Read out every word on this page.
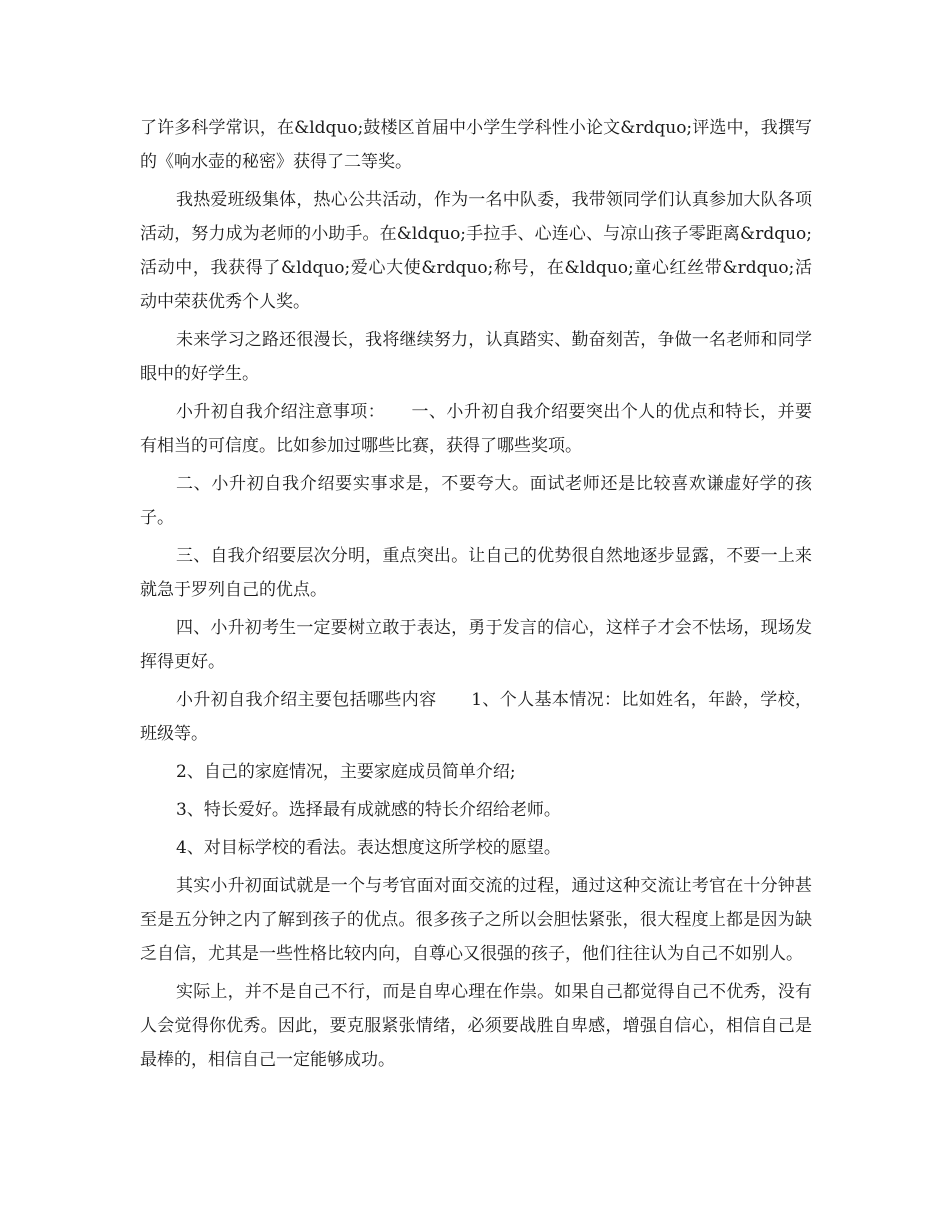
了许多科学常识，在&ldquo;鼓楼区首届中小学生学科性小论文&rdquo;评选中，我撰写的《响水壶的秘密》获得了二等奖。

我热爱班级集体，热心公共活动，作为一名中队委，我带领同学们认真参加大队各项活动，努力成为老师的小助手。在&ldquo;手拉手、心连心、与凉山孩子零距离&rdquo;活动中，我获得了&ldquo;爱心大使&rdquo;称号，在&ldquo;童心红丝带&rdquo;活动中荣获优秀个人奖。

未来学习之路还很漫长，我将继续努力，认真踏实、勤奋刻苦，争做一名老师和同学眼中的好学生。

小升初自我介绍注意事项：　　一、小升初自我介绍要突出个人的优点和特长，并要有相当的可信度。比如参加过哪些比赛，获得了哪些奖项。

二、小升初自我介绍要实事求是，不要夸大。面试老师还是比较喜欢谦虚好学的孩子。

三、自我介绍要层次分明，重点突出。让自己的优势很自然地逐步显露，不要一上来就急于罗列自己的优点。

四、小升初考生一定要树立敢于表达，勇于发言的信心，这样子才会不怯场，现场发挥得更好。

小升初自我介绍主要包括哪些内容　　1、个人基本情况：比如姓名，年龄，学校，班级等。

2、自己的家庭情况，主要家庭成员简单介绍;

3、特长爱好。选择最有成就感的特长介绍给老师。

4、对目标学校的看法。表达想度这所学校的愿望。

其实小升初面试就是一个与考官面对面交流的过程，通过这种交流让考官在十分钟甚至是五分钟之内了解到孩子的优点。很多孩子之所以会胆怯紧张，很大程度上都是因为缺乏自信，尤其是一些性格比较内向，自尊心又很强的孩子，他们往往认为自己不如别人。

实际上，并不是自己不行，而是自卑心理在作祟。如果自己都觉得自己不优秀，没有人会觉得你优秀。因此，要克服紧张情绪，必须要战胜自卑感，增强自信心，相信自己是最棒的，相信自己一定能够成功。
